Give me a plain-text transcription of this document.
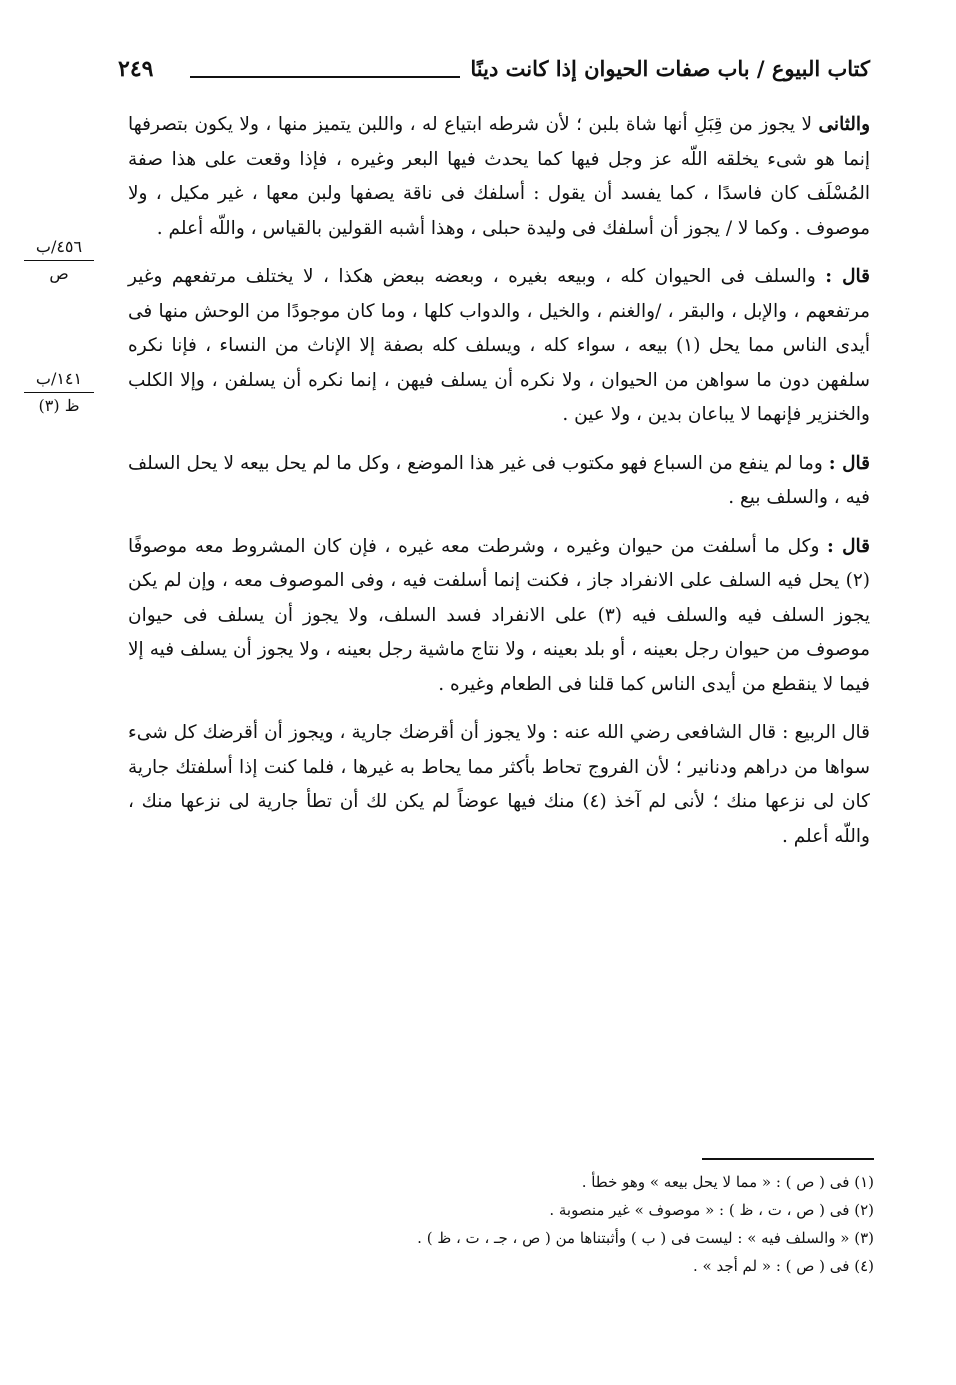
كتاب البيوع / باب صفات الحيوان إذا كانت دينًا
٢٤٩
٤٥٦/ب
ص
١٤١/ب
ظ (٣)

والثانى لا يجوز من قِبَلِ أنها شاة بلبن ؛ لأن شرطه ابتياع له ، واللبن يتميز منها ، ولا يكون بتصرفها إنما هو شىء يخلقه اللّه عز وجل فيها كما يحدث فيها البعر وغيره ، فإذا وقعت على هذا صفة المُسْلَف كان فاسدًا ، كما يفسد أن يقول : أسلفك فى ناقة يصفها ولبن معها ، غير مكيل ، ولا موصوف . وكما لا / يجوز أن أسلفك فى وليدة حبلى ، وهذا أشبه القولين بالقياس ، واللّه أعلم .

قال : والسلف فى الحيوان كله ، وبيعه بغيره ، وبعضه ببعض هكذا ، لا يختلف مرتفعهم وغير مرتفعهم ، والإبل ، والبقر ، /والغنم ، والخيل ، والدواب كلها ، وما كان موجودًا من الوحش منها فى أيدى الناس مما يحل (١) بيعه ، سواء كله ، ويسلف كله بصفة إلا الإناث من النساء ، فإنا نكره سلفهن دون ما سواهن من الحيوان ، ولا نكره أن يسلف فيهن ، إنما نكره أن يسلفن ، وإلا الكلب والخنزير فإنهما لا يباعان بدين ، ولا عين .

قال : وما لم ينفع من السباع فهو مكتوب فى غير هذا الموضع ، وكل ما لم يحل بيعه لا يحل السلف فيه ، والسلف بيع .

قال : وكل ما أسلفت من حيوان وغيره ، وشرطت معه غيره ، فإن كان المشروط معه موصوفًا (٢) يحل فيه السلف على الانفراد جاز ، فكنت إنما أسلفت فيه ، وفى الموصوف معه ، وإن لم يكن يجوز السلف فيه والسلف فيه (٣) على الانفراد فسد السلف، ولا يجوز أن يسلف فى حيوان موصوف من حيوان رجل بعينه ، أو بلد بعينه ، ولا نتاج ماشية رجل بعينه ، ولا يجوز أن يسلف فيه إلا فيما لا ينقطع من أيدى الناس كما قلنا فى الطعام وغيره .

قال الربيع : قال الشافعى رضي الله عنه : ولا يجوز أن أقرضك جارية ، ويجوز أن أقرضك كل شىء سواها من دراهم ودنانير ؛ لأن الفروج تحاط بأكثر مما يحاط به غيرها ، فلما كنت إذا أسلفتك جارية كان لى نزعها منك ؛ لأنى لم آخذ (٤) منك فيها عوضاً لم يكن لك أن تطأ جارية لى نزعها منك ، واللّه أعلم .

(١) فى ( ص ) : « مما لا يحل بيعه » وهو خطأ .

(٢) فى ( ص ، ت ، ظ ) : « موصوف » غير منصوبة .

(٣) « والسلف فيه » : ليست فى ( ب ) وأثبتناها من ( ص ، جـ ، ت ، ظ ) .

(٤) فى ( ص ) : « لم أجد » .
